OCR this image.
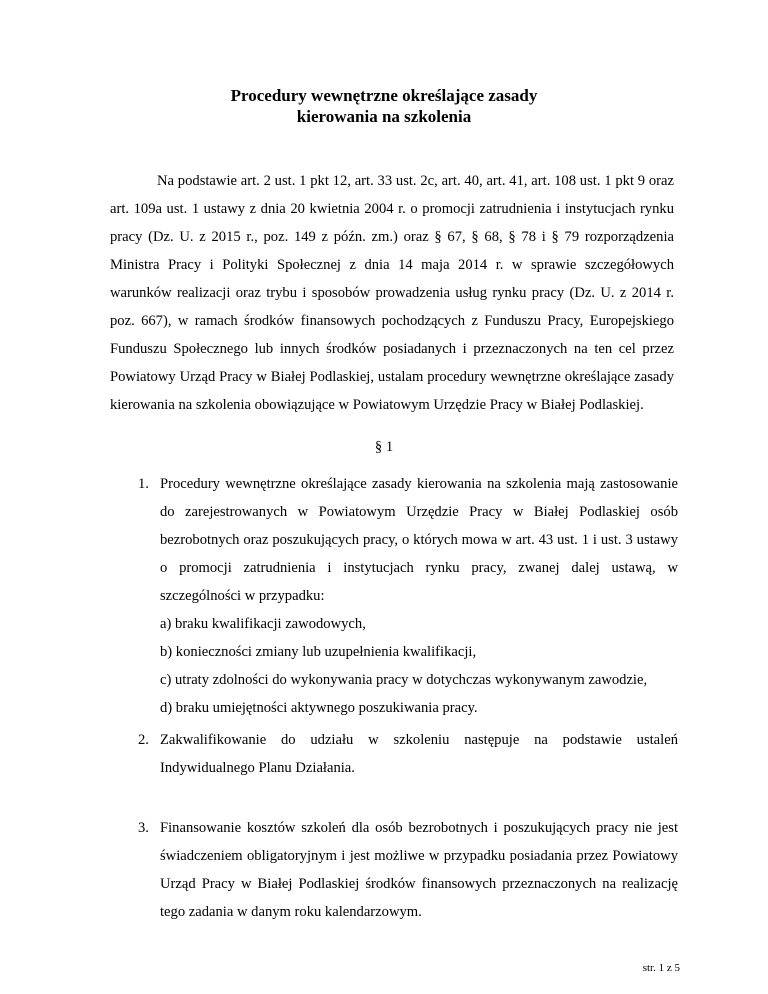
Procedury wewnętrzne określające zasady
kierowania na szkolenia
Na podstawie art. 2 ust. 1 pkt 12, art. 33 ust. 2c, art. 40, art. 41, art. 108 ust. 1 pkt 9 oraz art. 109a ust. 1 ustawy z dnia 20 kwietnia 2004 r. o promocji zatrudnienia i instytucjach rynku pracy (Dz. U. z 2015 r., poz. 149 z późn. zm.) oraz § 67, § 68, § 78 i § 79 rozporządzenia Ministra Pracy i Polityki Społecznej z dnia 14 maja 2014 r. w sprawie szczegółowych warunków realizacji oraz trybu i sposobów prowadzenia usług rynku pracy (Dz. U. z 2014 r. poz. 667), w ramach środków finansowych pochodzących z Funduszu Pracy, Europejskiego Funduszu Społecznego lub innych środków posiadanych i przeznaczonych na ten cel przez Powiatowy Urząd Pracy w Białej Podlaskiej, ustalam procedury wewnętrzne określające zasady kierowania na szkolenia obowiązujące w Powiatowym Urzędzie Pracy w Białej Podlaskiej.
§ 1
1. Procedury wewnętrzne określające zasady kierowania na szkolenia mają zastosowanie do zarejestrowanych w Powiatowym Urzędzie Pracy w Białej Podlaskiej osób bezrobotnych oraz poszukujących pracy, o których mowa w art. 43 ust. 1 i ust. 3 ustawy o promocji zatrudnienia i instytucjach rynku pracy, zwanej dalej ustawą, w szczególności w przypadku:
a) braku kwalifikacji zawodowych,
b) konieczności zmiany lub uzupełnienia kwalifikacji,
c) utraty zdolności do wykonywania pracy w dotychczas wykonywanym zawodzie,
d) braku umiejętności aktywnego poszukiwania pracy.
2. Zakwalifikowanie do udziału w szkoleniu następuje na podstawie ustaleń Indywidualnego Planu Działania.
3. Finansowanie kosztów szkoleń dla osób bezrobotnych i poszukujących pracy nie jest świadczeniem obligatoryjnym i jest możliwe w przypadku posiadania przez Powiatowy Urząd Pracy w Białej Podlaskiej środków finansowych przeznaczonych na realizację tego zadania w danym roku kalendarzowym.
str. 1 z 5
